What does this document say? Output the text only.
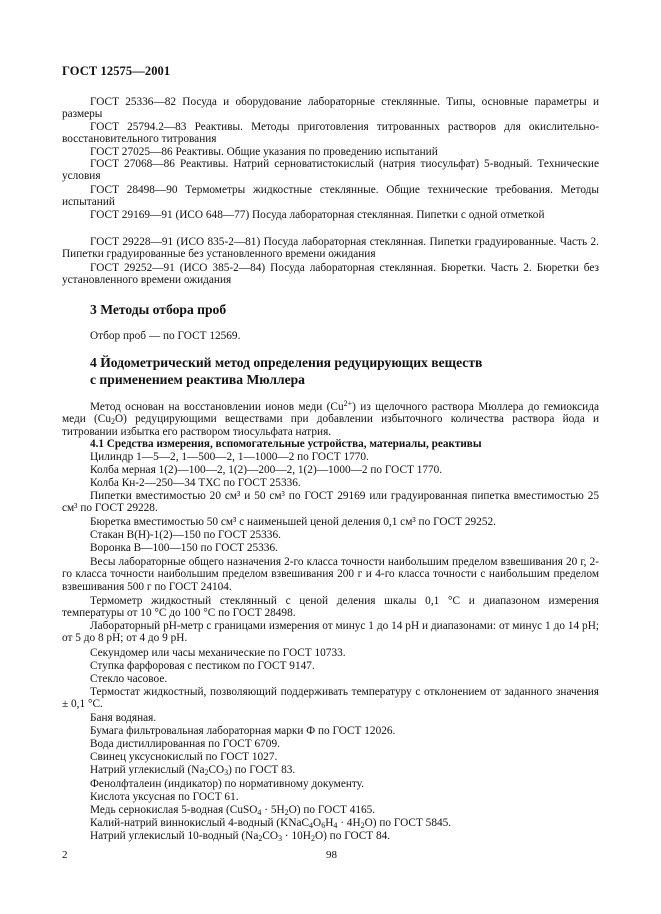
ГОСТ 12575—2001
ГОСТ 25336—82 Посуда и оборудование лабораторные стеклянные. Типы, основные параметры и размеры
ГОСТ 25794.2—83 Реактивы. Методы приготовления титрованных растворов для окислительно-восстановительного титрования
ГОСТ 27025—86 Реактивы. Общие указания по проведению испытаний
ГОСТ 27068—86 Реактивы. Натрий серноватистокислый (натрия тиосульфат) 5-водный. Технические условия
ГОСТ 28498—90 Термометры жидкостные стеклянные. Общие технические требования. Методы испытаний
ГОСТ 29169—91 (ИСО 648—77) Посуда лабораторная стеклянная. Пипетки с одной отметкой
ГОСТ 29228—91 (ИСО 835-2—81) Посуда лабораторная стеклянная. Пипетки градуированные. Часть 2. Пипетки градуированные без установленного времени ожидания
ГОСТ 29252—91 (ИСО 385-2—84) Посуда лабораторная стеклянная. Бюретки. Часть 2. Бюретки без установленного времени ожидания
3 Методы отбора проб
Отбор проб — по ГОСТ 12569.
4 Йодометрический метод определения редуцирующих веществ
с применением реактива Мюллера
Метод основан на восстановлении ионов меди $(Cu^{2+})$ из щелочного раствора Мюллера до гемиоксида меди $(Cu_2O)$ редуцирующими веществами при добавлении избыточного количества раствора йода и титровании избытка его раствором тиосульфата натрия.
4.1 Средства измерения, вспомогательные устройства, материалы, реактивы
Цилиндр 1—5—2, 1—500—2, 1—1000—2 по ГОСТ 1770.
Колба мерная 1(2)—100—2, 1(2)—200—2, 1(2)—1000—2 по ГОСТ 1770.
Колба Кн-2—250—34 ТХС по ГОСТ 25336.
Пипетки вместимостью 20 см³ и 50 см³ по ГОСТ 29169 или градуированная пипетка вместимостью 25 см³ по ГОСТ 29228.
Бюретка вместимостью 50 см³ с наименьшей ценой деления 0,1 см³ по ГОСТ 29252.
Стакан В(Н)-1(2)—150 по ГОСТ 25336.
Воронка В—100—150 по ГОСТ 25336.
Весы лабораторные общего назначения 2-го класса точности наибольшим пределом взвешивания 20 г, 2-го класса точности наибольшим пределом взвешивания 200 г и 4-го класса точности с наибольшим пределом взвешивания 500 г по ГОСТ 24104.
Термометр жидкостный стеклянный с ценой деления шкалы 0,1 °С и диапазоном измерения температуры от 10 °С до 100 °С по ГОСТ 28498.
Лабораторный pH-метр с границами измерения от минус 1 до 14 pH и диапазонами: от минус 1 до 14 pH; от 5 до 8 pH; от 4 до 9 pH.
Секундомер или часы механические по ГОСТ 10733.
Ступка фарфоровая с пестиком по ГОСТ 9147.
Стекло часовое.
Термостат жидкостный, позволяющий поддерживать температуру с отклонением от заданного значения ± 0,1 °С.
Баня водяная.
Бумага фильтровальная лабораторная марки Ф по ГОСТ 12026.
Вода дистиллированная по ГОСТ 6709.
Свинец уксуснокислый по ГОСТ 1027.
Натрий углекислый $(Na_2CO_3)$ по ГОСТ 83.
Фенолфталеин (индикатор) по нормативному документу.
Кислота уксусная по ГОСТ 61.
Медь сернокислая 5-водная (CuSO$_4$ · $5H_2O$) по ГОСТ 4165.
Калий-натрий виннокислый 4-водный $(KNaC_4O_6H_4 \cdot 4H_2O)$ по ГОСТ 5845.
Натрий углекислый 10-водный $(Na_2CO_3 \cdot 10H_2O)$ по ГОСТ 84.
2	98
